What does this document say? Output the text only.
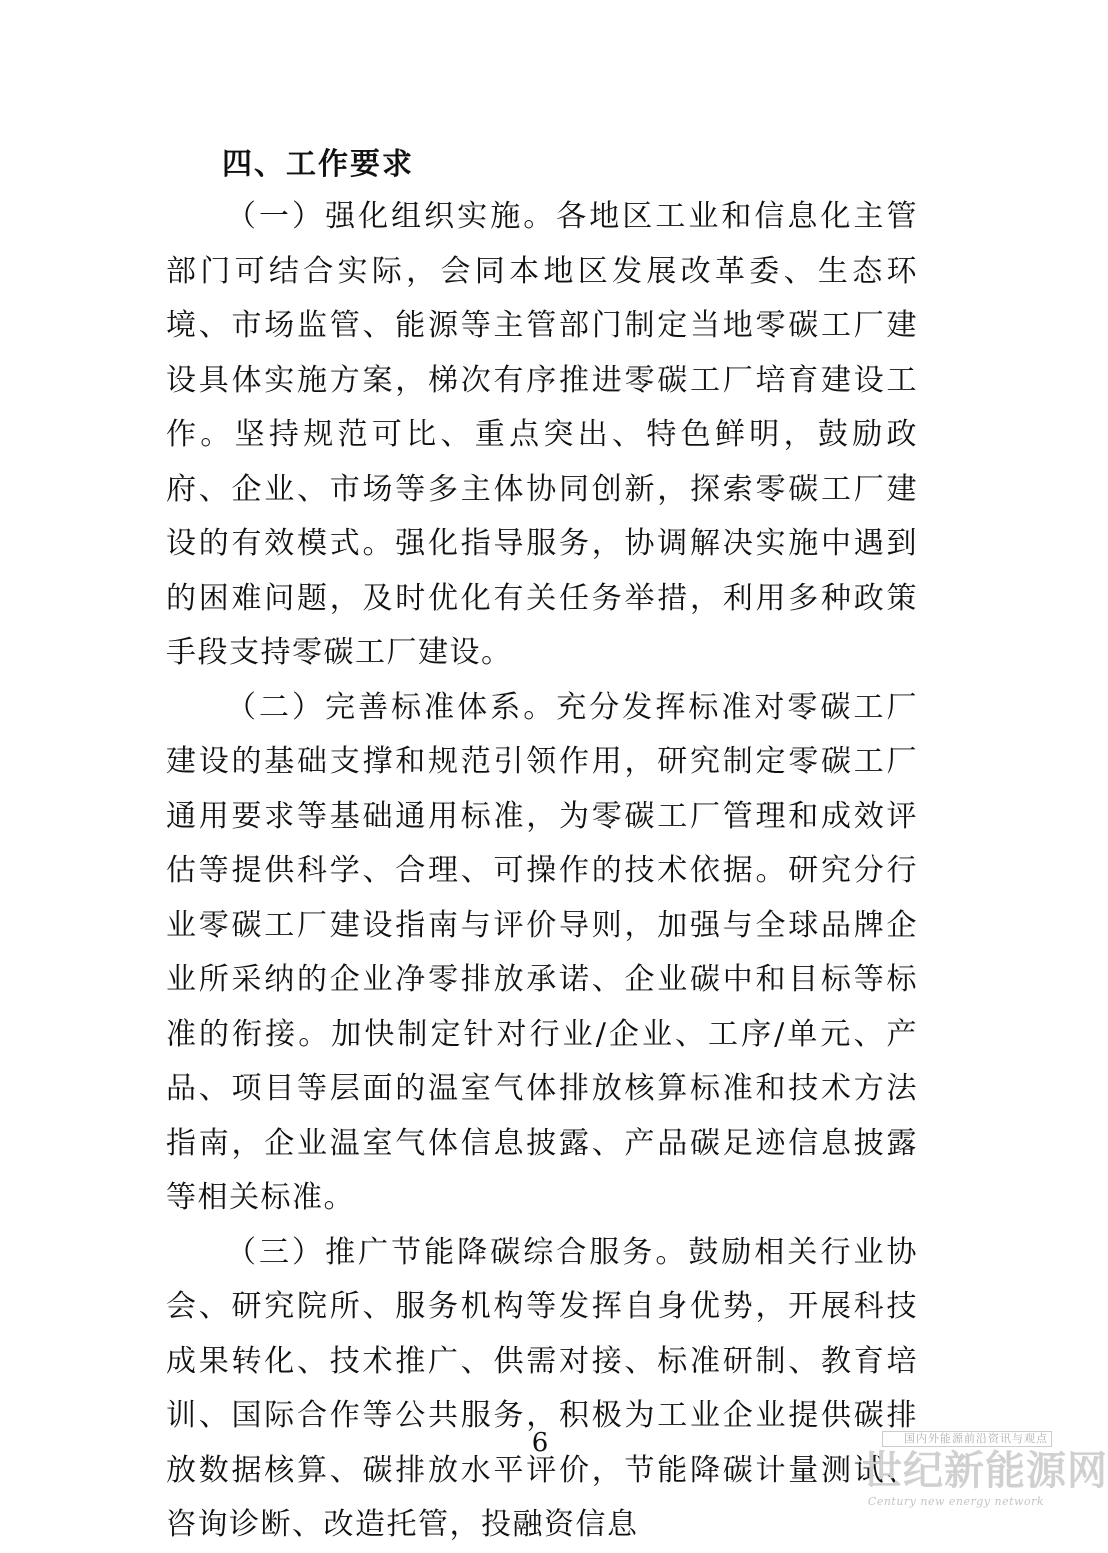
四、工作要求

（一）强化组织实施。各地区工业和信息化主管部门可结合实际，会同本地区发展改革委、生态环境、市场监管、能源等主管部门制定当地零碳工厂建设具体实施方案，梯次有序推进零碳工厂培育建设工作。坚持规范可比、重点突出、特色鲜明，鼓励政府、企业、市场等多主体协同创新，探索零碳工厂建设的有效模式。强化指导服务，协调解决实施中遇到的困难问题，及时优化有关任务举措，利用多种政策手段支持零碳工厂建设。

（二）完善标准体系。充分发挥标准对零碳工厂建设的基础支撑和规范引领作用，研究制定零碳工厂通用要求等基础通用标准，为零碳工厂管理和成效评估等提供科学、合理、可操作的技术依据。研究分行业零碳工厂建设指南与评价导则，加强与全球品牌企业所采纳的企业净零排放承诺、企业碳中和目标等标准的衔接。加快制定针对行业/企业、工序/单元、产品、项目等层面的温室气体排放核算标准和技术方法指南，企业温室气体信息披露、产品碳足迹信息披露等相关标准。

（三）推广节能降碳综合服务。鼓励相关行业协会、研究院所、服务机构等发挥自身优势，开展科技成果转化、技术推广、供需对接、标准研制、教育培训、国际合作等公共服务，积极为工业企业提供碳排放数据核算、碳排放水平评价，节能降碳计量测试、咨询诊断、改造托管，投融资信息

6	国内外能源前沿资讯与观点
世纪新能源网
Century new energy network
